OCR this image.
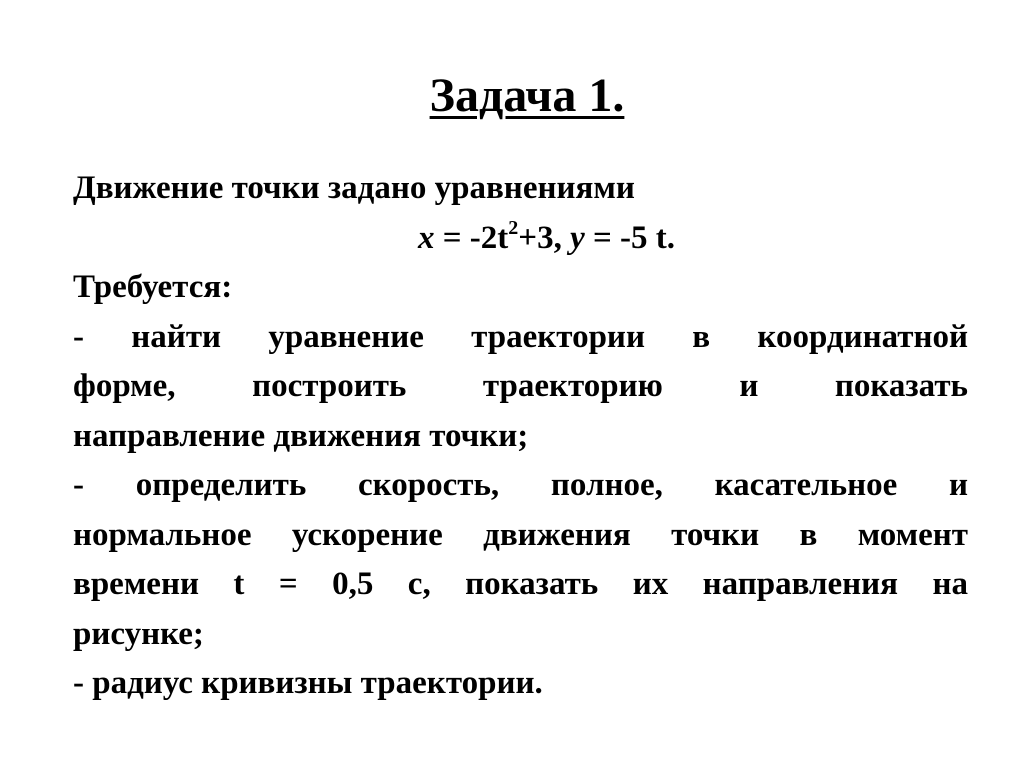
Задача 1.
Движение точки задано уравнениями
$x = -2t^2+3$, y = -5 t.
Требуется:
- найти уравнение траектории в координатной
форме, построить траекторию и показать
направление движения точки;
- определить скорость, полное, касательное и
нормальное ускорение движения точки в момент
времени t = 0,5 с, показать их направления на
рисунке;
- радиус кривизны траектории.
